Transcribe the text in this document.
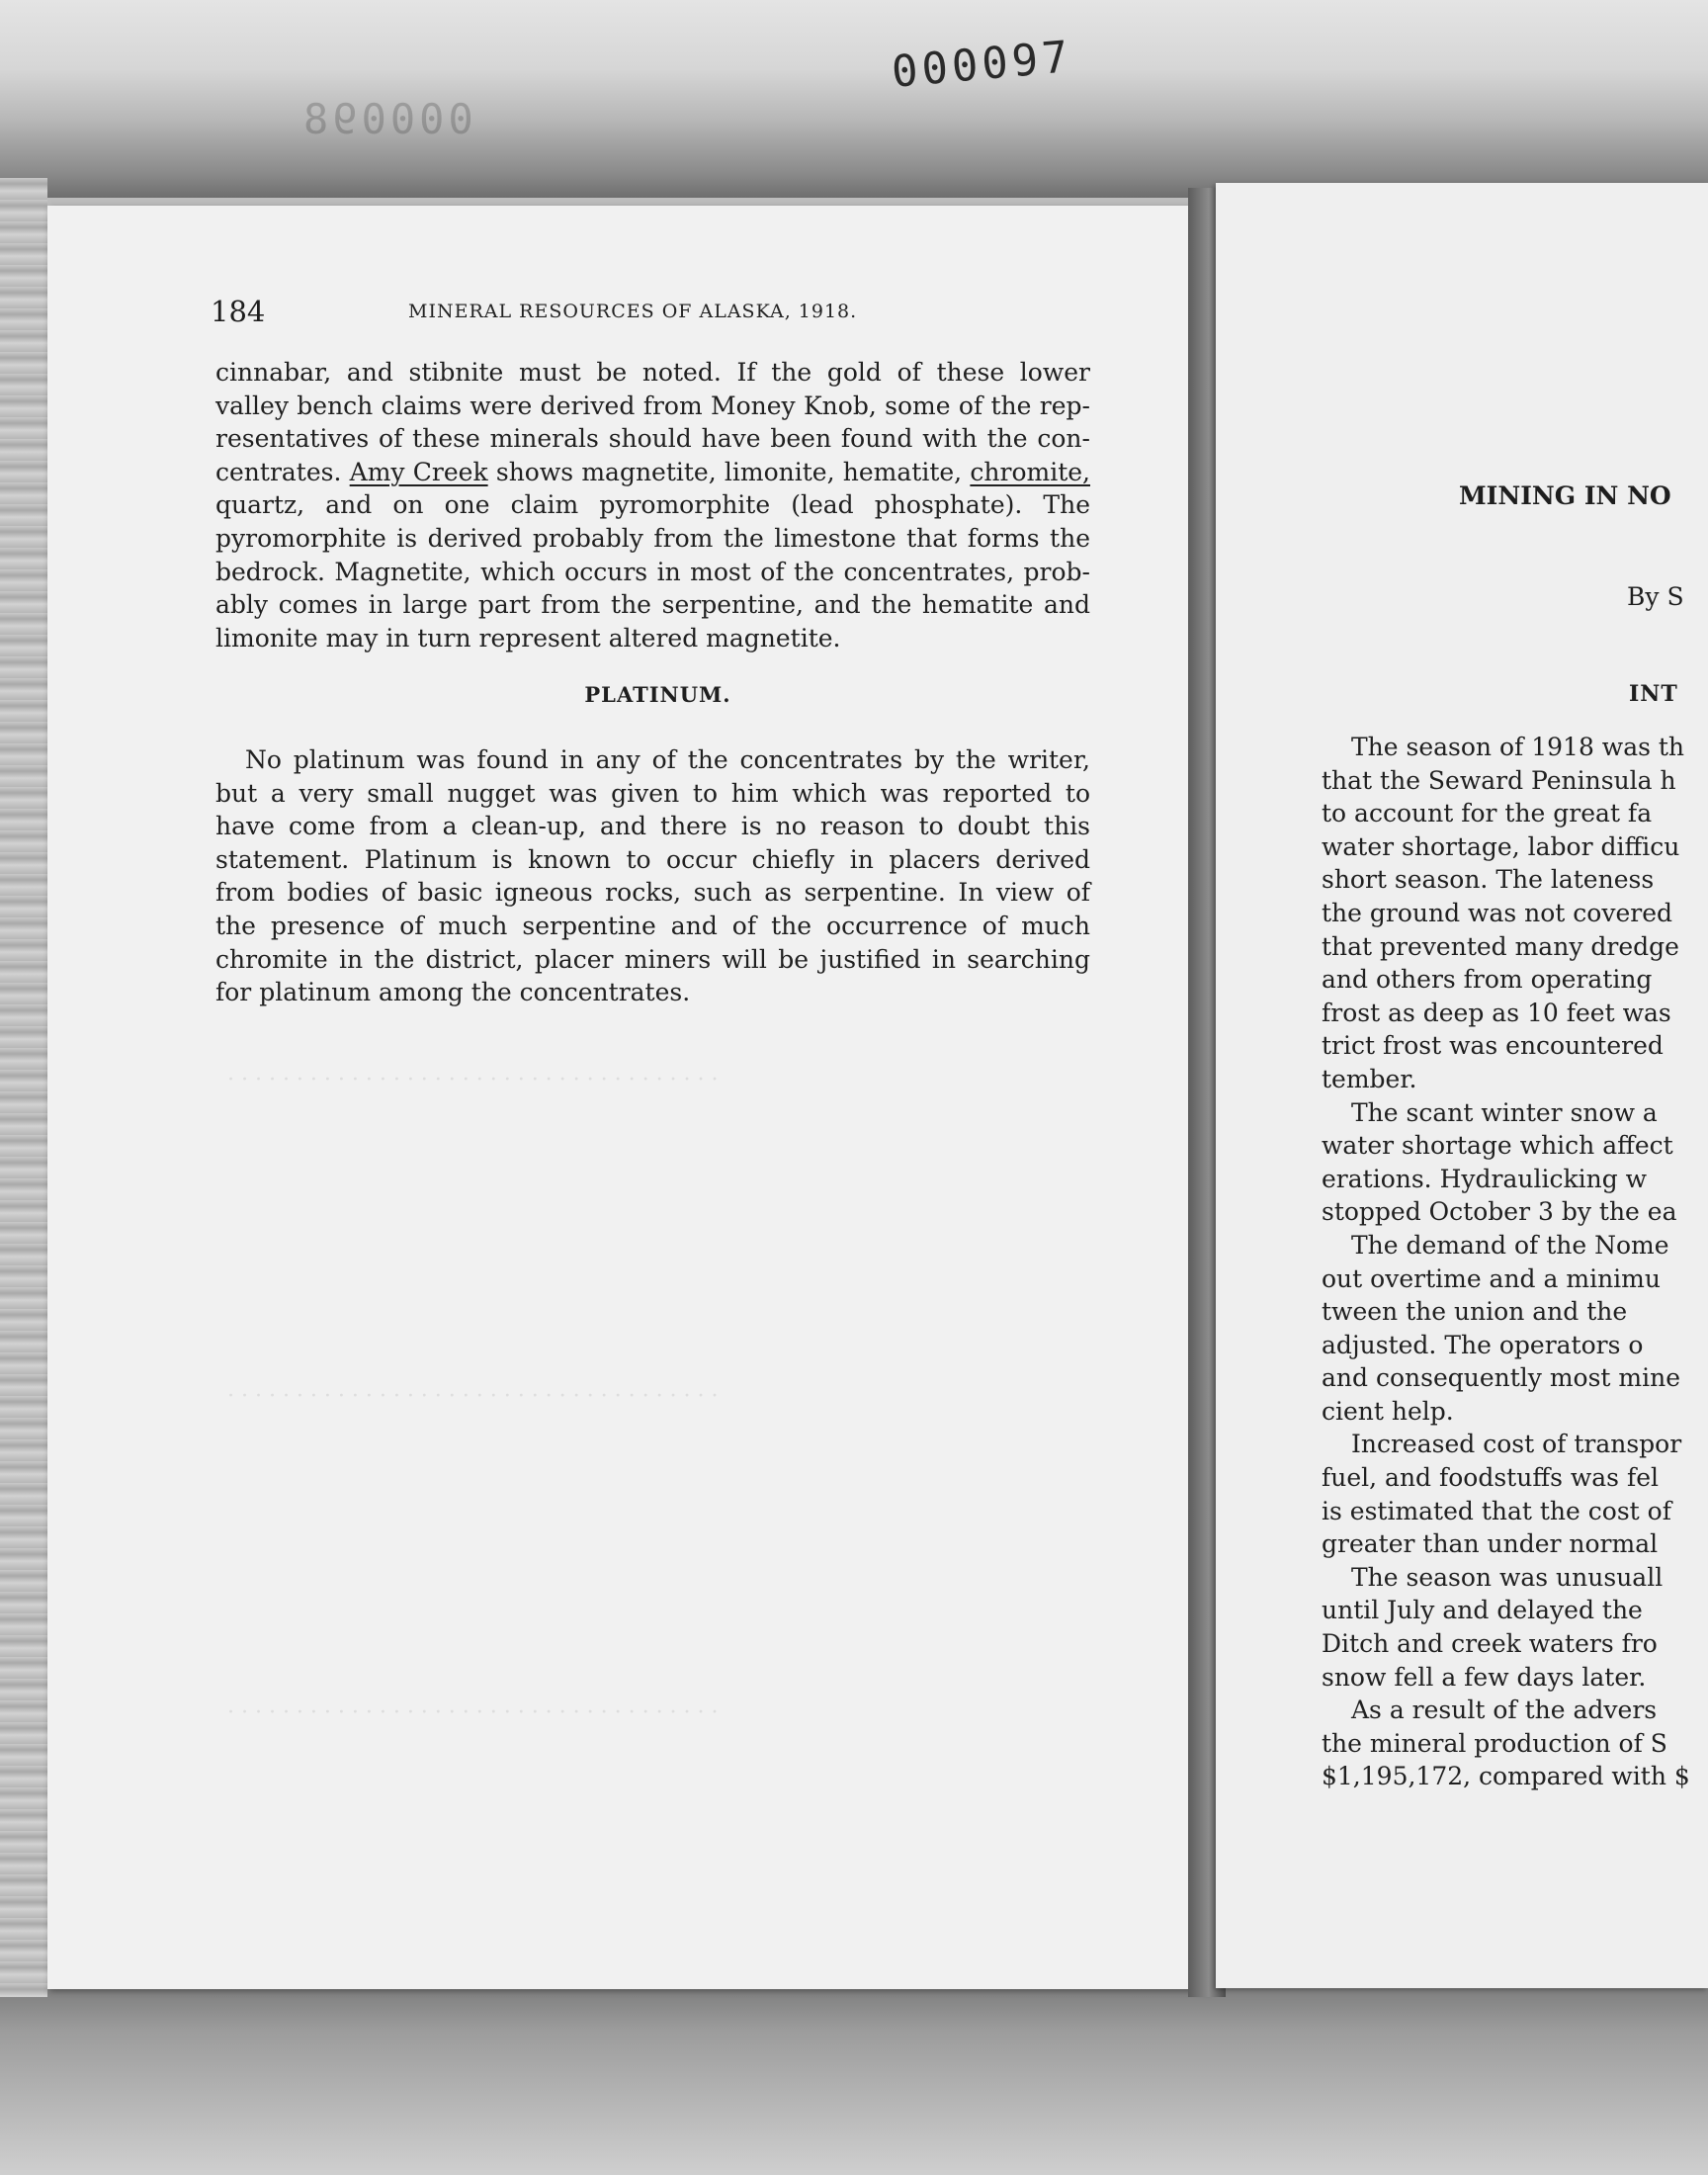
000098

000097

· · · · · · · · · · · · · · · · · · · · · · · · · · · · · · · · · · · ·

· · · · · · · · · · · · · · · · · · · · · · · · · · · · · · · · · · · ·

· · · · · · · · · · · · · · · · · · · · · · · · · · · · · · · · · · · ·

184	MINERAL RESOURCES OF ALASKA, 1918.
cinnabar, and stibnite must be noted. If the gold of these lower
valley bench claims were derived from Money Knob, some of the rep-
resentatives of these minerals should have been found with the con-
centrates. Amy Creek shows magnetite, limonite, hematite, chromite,
quartz, and on one claim pyromorphite (lead phosphate). The
pyromorphite is derived probably from the limestone that forms the
bedrock. Magnetite, which occurs in most of the concentrates, prob-
ably comes in large part from the serpentine, and the hematite and
limonite may in turn represent altered magnetite.

PLATINUM.

No platinum was found in any of the concentrates by the writer,
but a very small nugget was given to him which was reported to
have come from a clean-up, and there is no reason to doubt this
statement. Platinum is known to occur chiefly in placers derived
from bodies of basic igneous rocks, such as serpentine. In view of
the presence of much serpentine and of the occurrence of much
chromite in the district, placer miners will be justified in searching
for platinum among the concentrates.

MINING IN NO

By S

INT

The season of 1918 was th
that the Seward Peninsula h
to account for the great fa
water shortage, labor difficu
short season. The lateness
the ground was not covered
that prevented many dredge
and others from operating
frost as deep as 10 feet was
trict frost was encountered
tember.
The scant winter snow a
water shortage which affect
erations. Hydraulicking w
stopped October 3 by the ea
The demand of the Nome
out overtime and a minimu
tween the union and the
adjusted. The operators o
and consequently most mine
cient help.
Increased cost of transpor
fuel, and foodstuffs was fel
is estimated that the cost of
greater than under normal
The season was unusuall
until July and delayed the
Ditch and creek waters fro
snow fell a few days later.
As a result of the advers
the mineral production of S
$1,195,172, compared with $
